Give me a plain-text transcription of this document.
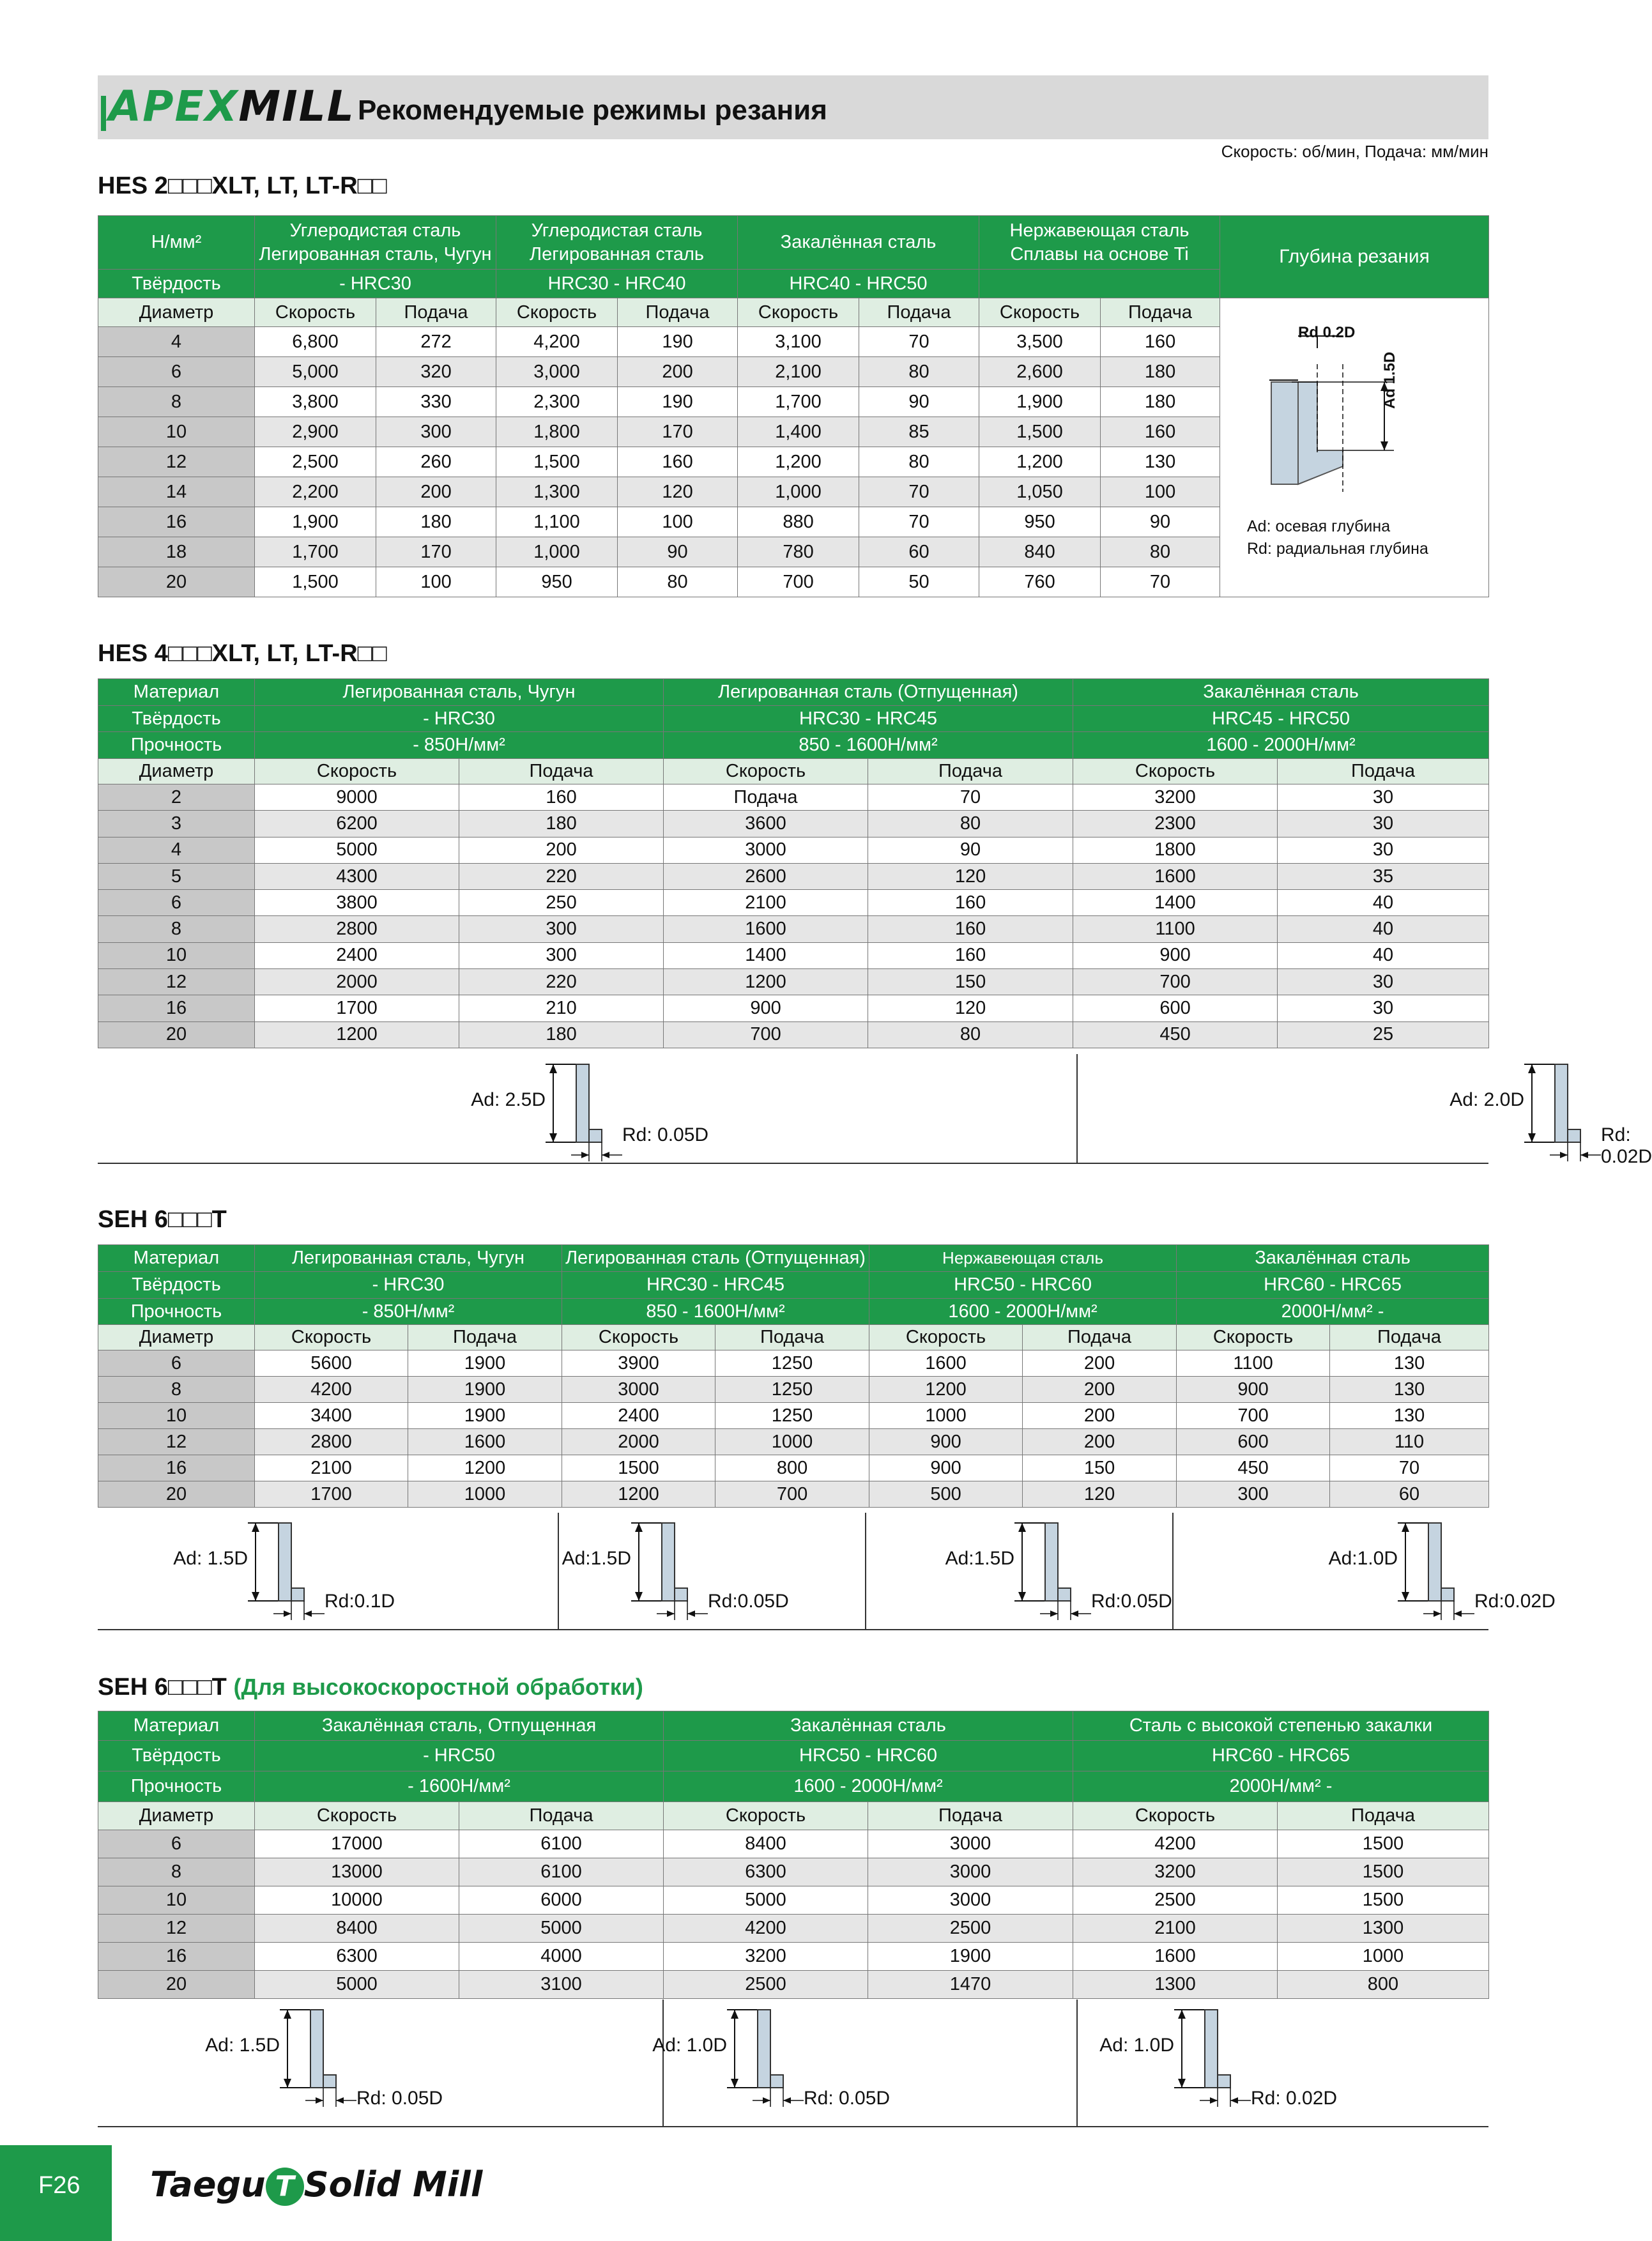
APEXMILL Рекомендуемые режимы резания
Скорость: об/мин, Подача: мм/мин
HES 2□□□XLT, LT, LT-R□□
Н/мм²	Углеродистая сталь
Легированная сталь, Чугун		Углеродистая сталь
Легированная сталь		Закалённая сталь		Нержавеющая сталь
Сплавы на основе Ti		Глубина резания
Твёрдость	- HRC30		HRC30 - HRC40		HRC40 - HRC50				
Диаметр	Скорость	Подача	Скорость	Подача	Скорость	Подача	Скорость	Подача	
4	6,800	272	4,200	190	3,100	70	3,500	160	
6	5,000	320	3,000	200	2,100	80	2,600	180	
8	3,800	330	2,300	190	1,700	90	1,900	180	
10	2,900	300	1,800	170	1,400	85	1,500	160	
12	2,500	260	1,500	160	1,200	80	1,200	130	
14	2,200	200	1,300	120	1,000	70	1,050	100	
16	1,900	180	1,100	100	880	70	950	90	
18	1,700	170	1,000	90	780	60	840	80	
20	1,500	100	950	80	700	50	760	70	
Rd 0.2D
Ad 1.5D
Ad: осевая глубина
Rd: радиальная глубина
HES 4□□□XLT, LT, LT-R□□
Материал	Легированная сталь, Чугун		Легированная сталь (Отпущенная)		Закалённая сталь	
Твёрдость	- HRC30		HRC30 - HRC45		HRC45 - HRC50	
Прочность	- 850Н/мм²		850 - 1600Н/мм²		1600 - 2000Н/мм²	
Диаметр	Скорость	Подача	Скорость	Подача	Скорость	Подача
2	9000	160	Подача	70	3200	30
3	6200	180	3600	80	2300	30
4	5000	200	3000	90	1800	30
5	4300	220	2600	120	1600	35
6	3800	250	2100	160	1400	40
8	2800	300	1600	160	1100	40
10	2400	300	1400	160	900	40
12	2000	220	1200	150	700	30
16	1700	210	900	120	600	30
20	1200	180	700	80	450	25
SEH 6□□□T
Материал	Легированная сталь, Чугун		Легированная сталь (Отпущенная)		Нержавеющая сталь		Закалённая сталь	
Твёрдость	- HRC30		HRC30 - HRC45		HRC50 - HRC60		HRC60 - HRC65	
Прочность	- 850Н/мм²		850 - 1600Н/мм²		1600 - 2000Н/мм²		2000Н/мм² -	
Диаметр	Скорость	Подача	Скорость	Подача	Скорость	Подача	Скорость	Подача
6	5600	1900	3900	1250	1600	200	1100	130
8	4200	1900	3000	1250	1200	200	900	130
10	3400	1900	2400	1250	1000	200	700	130
12	2800	1600	2000	1000	900	200	600	110
16	2100	1200	1500	800	900	150	450	70
20	1700	1000	1200	700	500	120	300	60
SEH 6□□□T (Для высокоскоростной обработки)
Материал	Закалённая сталь, Отпущенная		Закалённая сталь		Сталь с высокой степенью закалки	
Твёрдость	- HRC50		HRC50 - HRC60		HRC60 - HRC65	
Прочность	- 1600Н/мм²		1600 - 2000Н/мм²		2000Н/мм² -	
Диаметр	Скорость	Подача	Скорость	Подача	Скорость	Подача
6	17000	6100	8400	3000	4200	1500
8	13000	6100	6300	3000	3200	1500
10	10000	6000	5000	3000	2500	1500
12	8400	5000	4200	2500	2100	1300
16	6300	4000	3200	1900	1600	1000
20	5000	3100	2500	1470	1300	800
F26 Taegu T Solid Mill
Ad: 2.5D
Rd: 0.05D
Ad: 2.0D
Rd: 0.02D
Ad: 1.5D
Rd:0.1D
Ad:1.5D
Rd:0.05D
Ad:1.5D
Rd:0.05D
Ad:1.0D
Rd:0.02D
Ad: 1.5D
Rd: 0.05D
Ad: 1.0D
Rd: 0.05D
Ad: 1.0D
Rd: 0.02D
